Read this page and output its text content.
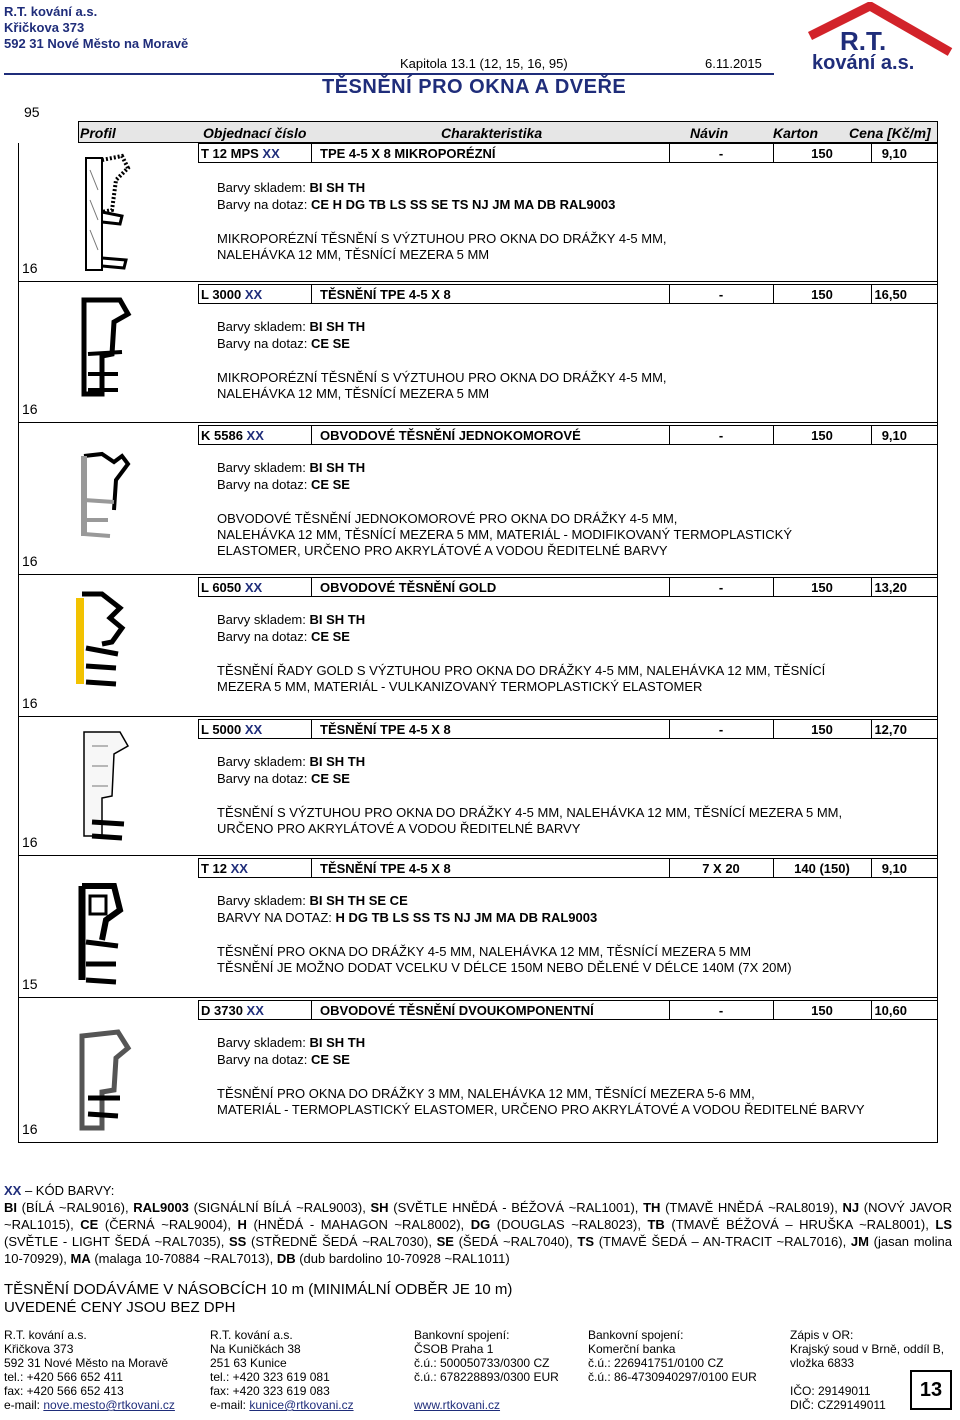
R.T. kování a.s.
Křičkova 373
592 31 Nové Město na Moravě
Kapitola 13.1 (12, 15, 16, 95)	6.11.2015
TĚSNĚNÍ PRO OKNA A DVEŘE
R.T.
kování a.s.
95
Profil	Objednací číslo	Charakteristika	Návin	Karton Cena [Kč/m]
T 12 MPS XX	TPE 4-5 X 8 MIKROPORÉZNÍ	-	150	9,10
Barvy skladem: BI SH TH
Barvy na dotaz: CE H DG TB LS SS SE TS NJ JM MA DB RAL9003
MIKROPORÉZNÍ TĚSNĚNÍ S VÝZTUHOU PRO OKNA DO DRÁŽKY 4-5 MM,
NALEHÁVKA 12 MM, TĚSNÍCÍ MEZERA 5 MM
16
L 3000 XX	TĚSNĚNÍ TPE 4-5 X 8	-	150	16,50
Barvy skladem: BI SH TH
Barvy na dotaz: CE SE
MIKROPORÉZNÍ TĚSNĚNÍ S VÝZTUHOU PRO OKNA DO DRÁŽKY 4-5 MM,
NALEHÁVKA 12 MM, TĚSNÍCÍ MEZERA 5 MM
16
K 5586 XX	OBVODOVÉ TĚSNĚNÍ JEDNOKOMOROVÉ	-	150	9,10
Barvy skladem: BI SH TH
Barvy na dotaz: CE SE
OBVODOVÉ TĚSNĚNÍ JEDNOKOMOROVÉ PRO OKNA DO DRÁŽKY 4-5 MM,
NALEHÁVKA 12 MM, TĚSNÍCÍ MEZERA 5 MM, MATERIÁL - MODIFIKOVANÝ TERMOPLASTICKÝ
ELASTOMER, URČENO PRO AKRYLÁTOVÉ A VODOU ŘEDITELNÉ BARVY
16
L 6050 XX	OBVODOVÉ TĚSNĚNÍ GOLD	-	150	13,20
Barvy skladem: BI SH TH
Barvy na dotaz: CE SE
TĚSNĚNÍ ŘADY GOLD S VÝZTUHOU PRO OKNA DO DRÁŽKY 4-5 MM, NALEHÁVKA 12 MM, TĚSNÍCÍ
MEZERA 5 MM, MATERIÁL - VULKANIZOVANÝ TERMOPLASTICKÝ ELASTOMER
16
L 5000 XX	TĚSNĚNÍ TPE 4-5 X 8	-	150	12,70
Barvy skladem: BI SH TH
Barvy na dotaz: CE SE
TĚSNĚNÍ S VÝZTUHOU PRO OKNA DO DRÁŽKY 4-5 MM, NALEHÁVKA 12 MM, TĚSNÍCÍ MEZERA 5 MM,
URČENO PRO AKRYLÁTOVÉ A VODOU ŘEDITELNÉ BARVY
16
T 12 XX	TĚSNĚNÍ TPE 4-5 X 8	7 X 20	140 (150)	9,10
Barvy skladem: BI SH TH SE CE
BARVY NA DOTAZ: H DG TB LS SS TS NJ JM MA DB RAL9003
TĚSNĚNÍ PRO OKNA DO DRÁŽKY 4-5 MM, NALEHÁVKA 12 MM, TĚSNÍCÍ MEZERA 5 MM
TĚSNĚNÍ JE MOŽNO DODAT VCELKU V DÉLCE 150M NEBO DĚLENÉ V DÉLCE 140M (7X 20M)
15
D 3730 XX	OBVODOVÉ TĚSNĚNÍ DVOUKOMPONENTNÍ	-	150	10,60
Barvy skladem: BI SH TH
Barvy na dotaz: CE SE
TĚSNĚNÍ PRO OKNA DO DRÁŽKY 3 MM, NALEHÁVKA 12 MM, TĚSNÍCÍ MEZERA 5-6 MM,
MATERIÁL - TERMOPLASTICKÝ ELASTOMER, URČENO PRO AKRYLÁTOVÉ A VODOU ŘEDITELNÉ BARVY
16
XX – KÓD BARVY:
BI (BÍLÁ ~RAL9016), RAL9003 (SIGNÁLNÍ BÍLÁ ~RAL9003), SH (SVĚTLE HNĚDÁ - BÉŽOVÁ ~RAL1001), TH (TMAVĚ HNĚDÁ ~RAL8019), NJ (NOVÝ JAVOR ~RAL1015), CE (ČERNÁ ~RAL9004), H (HNĚDÁ - MAHAGON ~RAL8002), DG (DOUGLAS ~RAL8023), TB (TMAVĚ BÉŽOVÁ – HRUŠKA ~RAL8001), LS (SVĚTLE - LIGHT ŠEDÁ ~RAL7035), SS (STŘEDNĚ ŠEDÁ ~RAL7030), SE (ŠEDÁ ~RAL7040), TS (TMAVĚ ŠEDÁ – AN-TRACIT ~RAL7016), JM (jasan molina 10-70929), MA (malaga 10-70884 ~RAL7013), DB (dub bardolino 10-70928 ~RAL1011)
TĚSNĚNÍ DODÁVÁME V NÁSOBCÍCH 10 m (MINIMÁLNÍ ODBĚR JE 10 m)
UVEDENÉ CENY JSOU BEZ DPH
R.T. kování a.s.
Křičkova 373
592 31 Nové Město na Moravě
tel.: +420 566 652 411
fax: +420 566 652 413
e-mail: nove.mesto@rtkovani.cz
R.T. kování a.s.
Na Kuničkách 38
251 63 Kunice
tel.: +420 323 619 081
fax: +420 323 619 083
e-mail: kunice@rtkovani.cz
Bankovní spojení:
ČSOB Praha 1
č.ú.: 500050733/0300 CZ
č.ú.: 678228893/0300 EUR

www.rtkovani.cz
Bankovní spojení:
Komerční banka
č.ú.: 226941751/0100 CZ
č.ú.: 86-4730940297/0100 EUR
Zápis v OR:
Krajský soud v Brně, oddíl B,
vložka 6833

IČO: 29149011
DIČ: CZ29149011
13
